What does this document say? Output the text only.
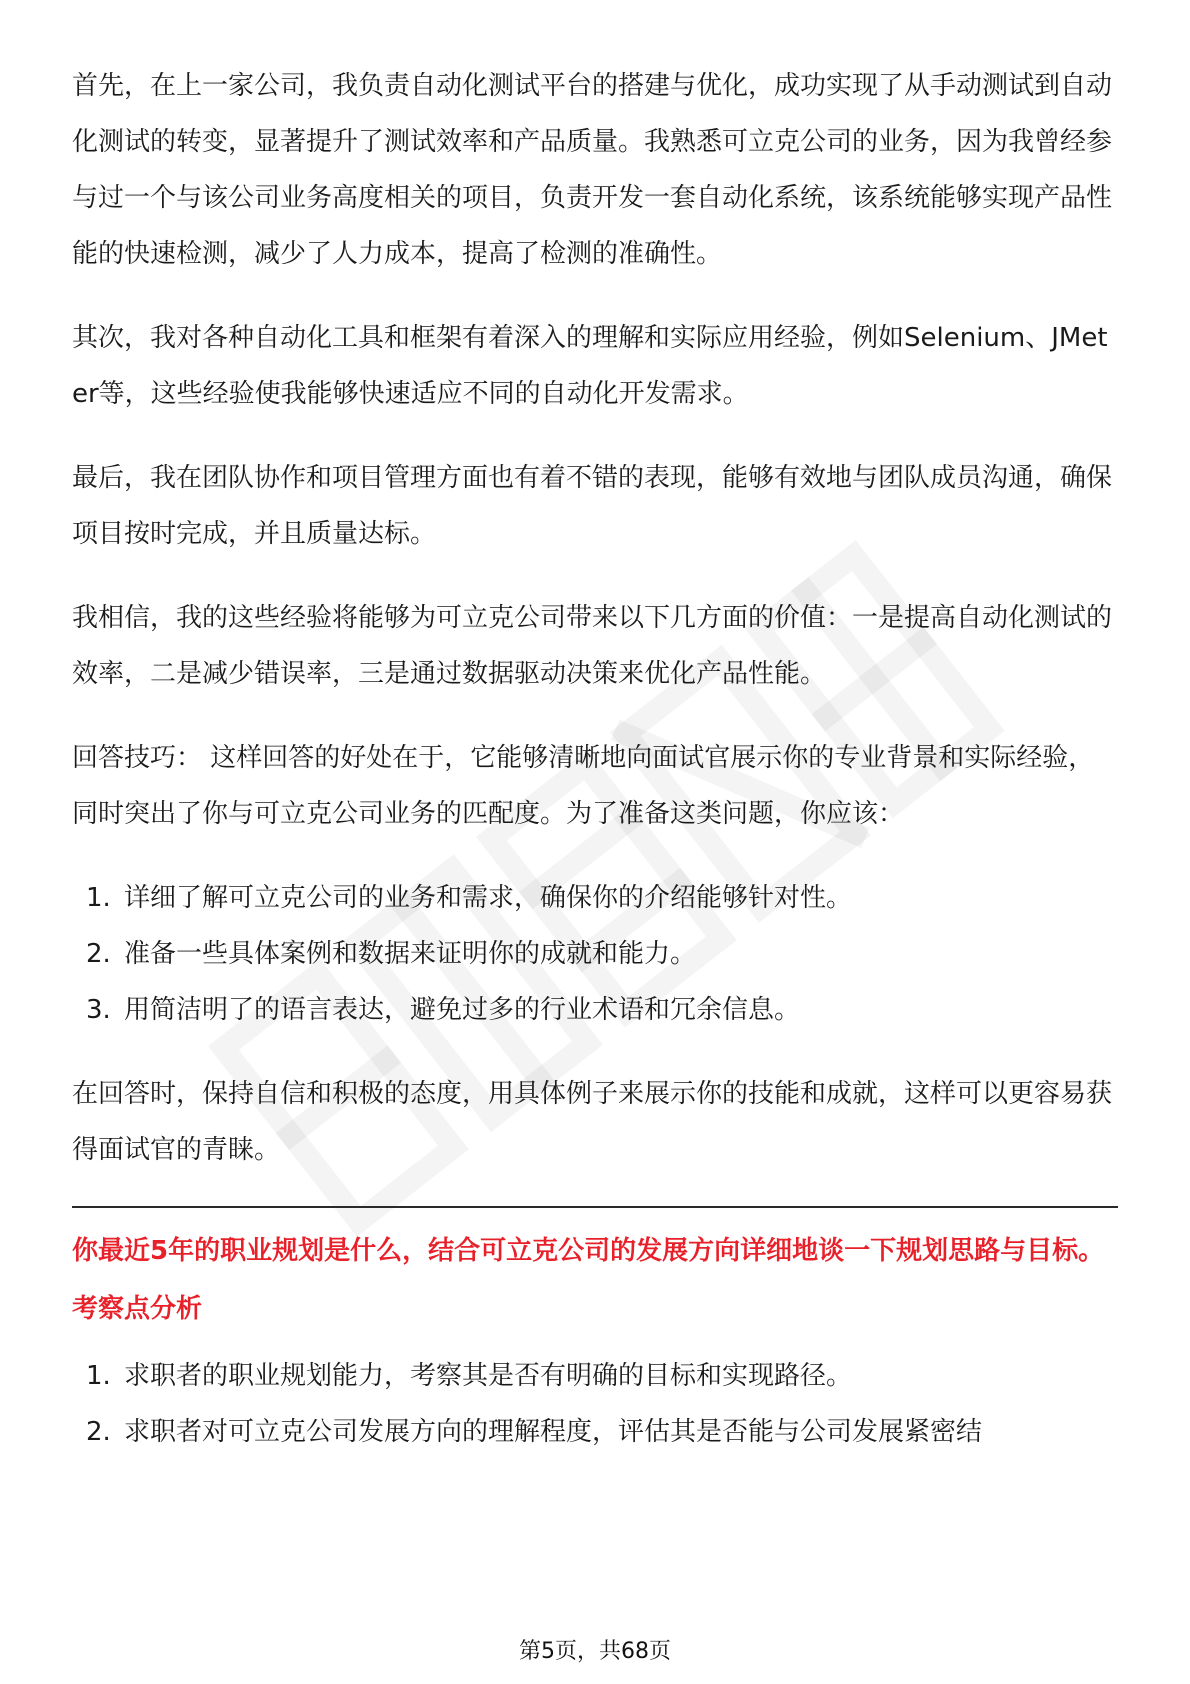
首先，在上一家公司，我负责自动化测试平台的搭建与优化，成功实现了从手动测试到自动化测试的转变，显著提升了测试效率和产品质量。我熟悉可立克公司的业务，因为我曾经参与过一个与该公司业务高度相关的项目，负责开发一套自动化系统，该系统能够实现产品性能的快速检测，减少了人力成本，提高了检测的准确性。

其次，我对各种自动化工具和框架有着深入的理解和实际应用经验，例如Selenium、JMeter等，这些经验使我能够快速适应不同的自动化开发需求。

最后，我在团队协作和项目管理方面也有着不错的表现，能够有效地与团队成员沟通，确保项目按时完成，并且质量达标。

我相信，我的这些经验将能够为可立克公司带来以下几方面的价值：一是提高自动化测试的效率，二是减少错误率，三是通过数据驱动决策来优化产品性能。

回答技巧： 这样回答的好处在于，它能够清晰地向面试官展示你的专业背景和实际经验，同时突出了你与可立克公司业务的匹配度。为了准备这类问题，你应该：

1. 详细了解可立克公司的业务和需求，确保你的介绍能够针对性。
2. 准备一些具体案例和数据来证明你的成就和能力。
3. 用简洁明了的语言表达，避免过多的行业术语和冗余信息。

在回答时，保持自信和积极的态度，用具体例子来展示你的技能和成就，这样可以更容易获得面试官的青睐。

你最近5年的职业规划是什么，结合可立克公司的发展方向详细地谈一下规划思路与目标。

考察点分析

1. 求职者的职业规划能力，考察其是否有明确的目标和实现路径。
2. 求职者对可立克公司发展方向的理解程度，评估其是否能与公司发展紧密结
第5页，共68页
